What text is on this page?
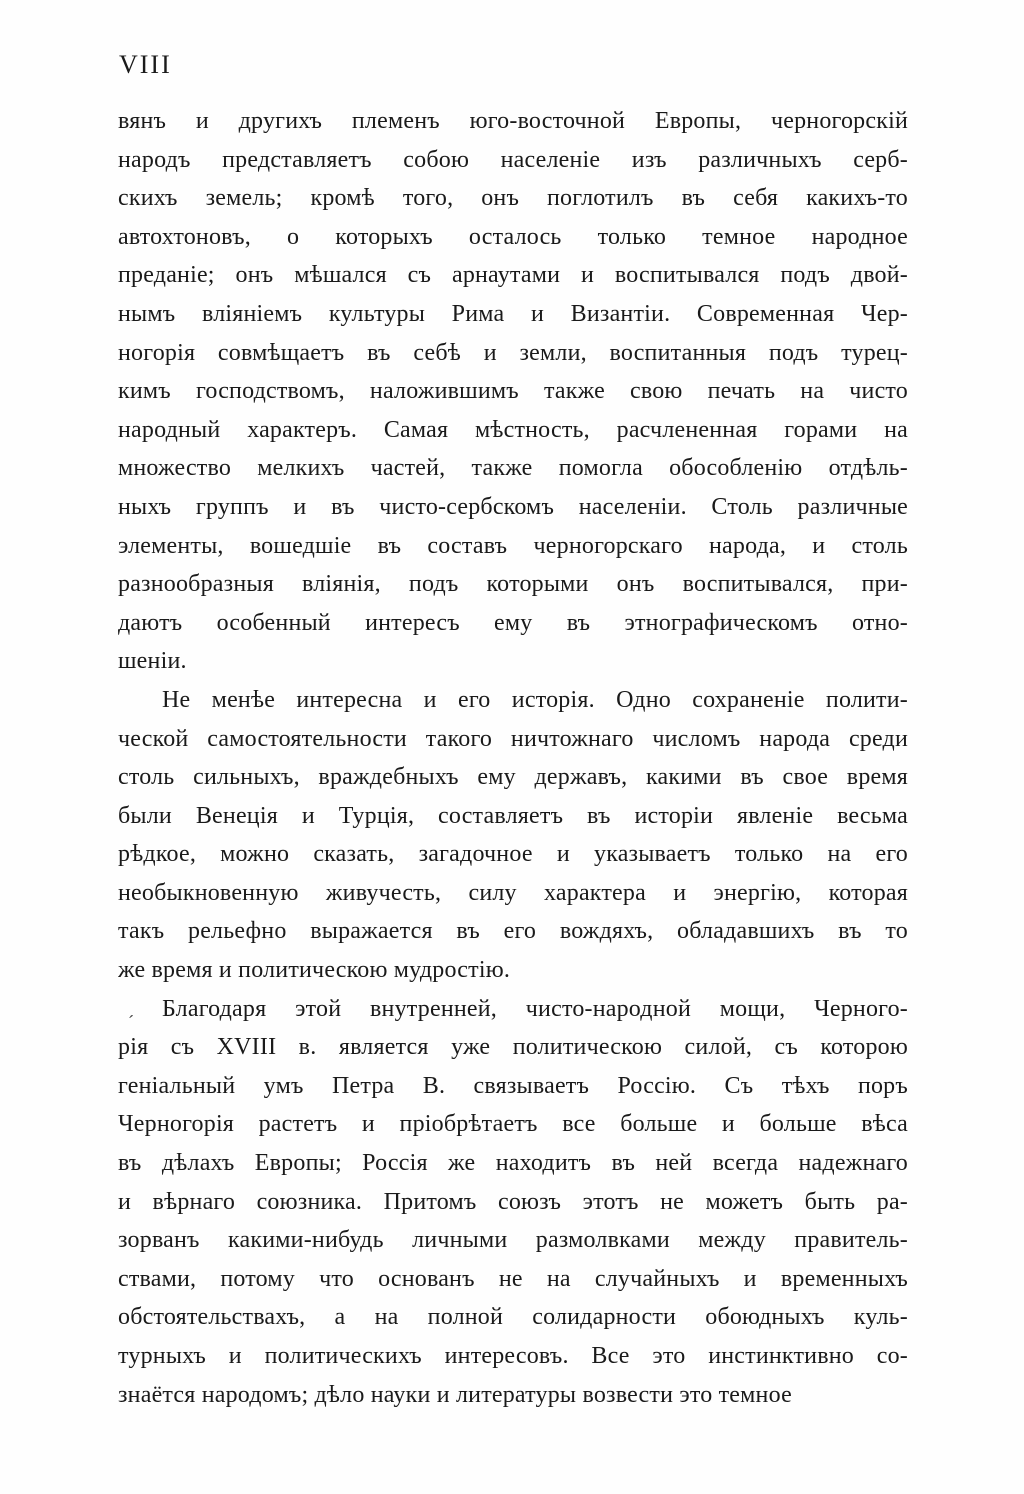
VIII
ˊ
вянъ и другихъ племенъ юго-восточной Европы, черногорскій
народъ представляетъ собою населеніе изъ различныхъ серб-
скихъ земель; кромѣ того, онъ поглотилъ въ себя какихъ-то
автохтоновъ, о которыхъ осталось только темное народное
преданіе; онъ мѣшался съ арнаутами и воспитывался подъ двой-
нымъ вліяніемъ культуры Рима и Византіи. Современная Чер-
ногорія совмѣщаетъ въ себѣ и земли, воспитанныя подъ турец-
кимъ господствомъ, наложившимъ также свою печать на чисто
народный характеръ. Самая мѣстность, расчлененная горами на
множество мелкихъ частей, также помогла обособленію отдѣль-
ныхъ группъ и въ чисто-сербскомъ населеніи. Столь различные
элементы, вошедшіе въ составъ черногорскаго народа, и столь
разнообразныя вліянія, подъ которыми онъ воспитывался, при-
даютъ особенный интересъ ему въ этнографическомъ отно-
шеніи.
Не менѣе интересна и его исторія. Одно сохраненіе полити-
ческой самостоятельности такого ничтожнаго числомъ народа среди
столь сильныхъ, враждебныхъ ему державъ, какими въ свое время
были Венеція и Турція, составляетъ въ исторіи явленіе весьма
рѣдкое, можно сказать, загадочное и указываетъ только на его
необыкновенную живучесть, силу характера и энергію, которая
такъ рельефно выражается въ его вождяхъ, обладавшихъ въ то
же время и политическою мудростію.
Благодаря этой внутренней, чисто-народной мощи, Черного-
рія съ XVIII в. является уже политическою силой, съ которою
геніальный умъ Петра В. связываетъ Россію. Съ тѣхъ поръ
Черногорія растетъ и пріобрѣтаетъ все больше и больше вѣса
въ дѣлахъ Европы; Россія же находитъ въ ней всегда надежнаго
и вѣрнаго союзника. Притомъ союзъ этотъ не можетъ быть ра-
зорванъ какими-нибудь личными размолвками между правитель-
ствами, потому что основанъ не на случайныхъ и временныхъ
обстоятельствахъ, а на полной солидарности обоюдныхъ куль-
турныхъ и политическихъ интересовъ. Все это инстинктивно со-
знаётся народомъ; дѣло науки и литературы возвести это темное
